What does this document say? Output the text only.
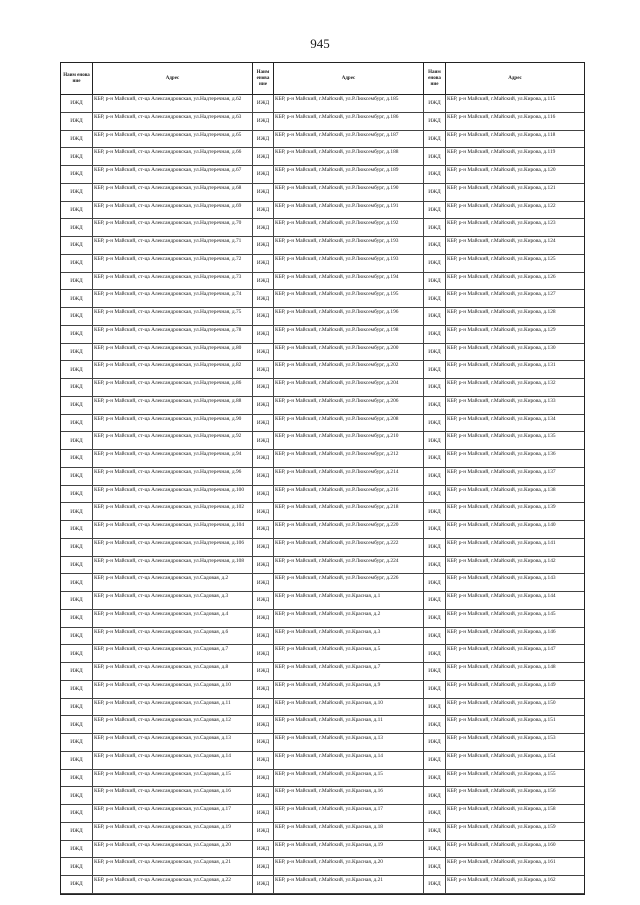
945
Наим енова ние
Адрес
Наим енова ние
Адрес
Наим енова ние
Адрес
ИЖД
КБР, р-н Майский, ст-ца Александровская, ул.Надтеречная, д.62
ИЖД
КБР, р-н Майский, г.Майский, ул.Р.Люксембург, д.185
ИЖД
КБР, р-н Майский, г.Майский, ул.Кирова, д.115
ИЖД
КБР, р-н Майский, ст-ца Александровская, ул.Надтеречная, д.63
ИЖД
КБР, р-н Майский, г.Майский, ул.Р.Люксембург, д.186
ИЖД
КБР, р-н Майский, г.Майский, ул.Кирова, д.116
ИЖД
КБР, р-н Майский, ст-ца Александровская, ул.Надтеречная, д.65
ИЖД
КБР, р-н Майский, г.Майский, ул.Р.Люксембург, д.187
ИЖД
КБР, р-н Майский, г.Майский, ул.Кирова, д.118
ИЖД
КБР, р-н Майский, ст-ца Александровская, ул.Надтеречная, д.66
ИЖД
КБР, р-н Майский, г.Майский, ул.Р.Люксембург, д.188
ИЖД
КБР, р-н Майский, г.Майский, ул.Кирова, д.119
ИЖД
КБР, р-н Майский, ст-ца Александровская, ул.Надтеречная, д.67
ИЖД
КБР, р-н Майский, г.Майский, ул.Р.Люксембург, д.189
ИЖД
КБР, р-н Майский, г.Майский, ул.Кирова, д.120
ИЖД
КБР, р-н Майский, ст-ца Александровская, ул.Надтеречная, д.68
ИЖД
КБР, р-н Майский, г.Майский, ул.Р.Люксембург, д.190
ИЖД
КБР, р-н Майский, г.Майский, ул.Кирова, д.121
ИЖД
КБР, р-н Майский, ст-ца Александровская, ул.Надтеречная, д.69
ИЖД
КБР, р-н Майский, г.Майский, ул.Р.Люксембург, д.191
ИЖД
КБР, р-н Майский, г.Майский, ул.Кирова, д.122
ИЖД
КБР, р-н Майский, ст-ца Александровская, ул.Надтеречная, д.70
ИЖД
КБР, р-н Майский, г.Майский, ул.Р.Люксембург, д.192
ИЖД
КБР, р-н Майский, г.Майский, ул.Кирова, д.123
ИЖД
КБР, р-н Майский, ст-ца Александровская, ул.Надтеречная, д.71
ИЖД
КБР, р-н Майский, г.Майский, ул.Р.Люксембург, д.193
ИЖД
КБР, р-н Майский, г.Майский, ул.Кирова, д.124
ИЖД
КБР, р-н Майский, ст-ца Александровская, ул.Надтеречная, д.72
ИЖД
КБР, р-н Майский, г.Майский, ул.Р.Люксембург, д.193
ИЖД
КБР, р-н Майский, г.Майский, ул.Кирова, д.125
ИЖД
КБР, р-н Майский, ст-ца Александровская, ул.Надтеречная, д.73
ИЖД
КБР, р-н Майский, г.Майский, ул.Р.Люксембург, д.194
ИЖД
КБР, р-н Майский, г.Майский, ул.Кирова, д.126
ИЖД
КБР, р-н Майский, ст-ца Александровская, ул.Надтеречная, д.74
ИЖД
КБР, р-н Майский, г.Майский, ул.Р.Люксембург, д.195
ИЖД
КБР, р-н Майский, г.Майский, ул.Кирова, д.127
ИЖД
КБР, р-н Майский, ст-ца Александровская, ул.Надтеречная, д.75
ИЖД
КБР, р-н Майский, г.Майский, ул.Р.Люксембург, д.196
ИЖД
КБР, р-н Майский, г.Майский, ул.Кирова, д.128
ИЖД
КБР, р-н Майский, ст-ца Александровская, ул.Надтеречная, д.78
ИЖД
КБР, р-н Майский, г.Майский, ул.Р.Люксембург, д.198
ИЖД
КБР, р-н Майский, г.Майский, ул.Кирова, д.129
ИЖД
КБР, р-н Майский, ст-ца Александровская, ул.Надтеречная, д.80
ИЖД
КБР, р-н Майский, г.Майский, ул.Р.Люксембург, д.200
ИЖД
КБР, р-н Майский, г.Майский, ул.Кирова, д.130
ИЖД
КБР, р-н Майский, ст-ца Александровская, ул.Надтеречная, д.82
ИЖД
КБР, р-н Майский, г.Майский, ул.Р.Люксембург, д.202
ИЖД
КБР, р-н Майский, г.Майский, ул.Кирова, д.131
ИЖД
КБР, р-н Майский, ст-ца Александровская, ул.Надтеречная, д.86
ИЖД
КБР, р-н Майский, г.Майский, ул.Р.Люксембург, д.204
ИЖД
КБР, р-н Майский, г.Майский, ул.Кирова, д.132
ИЖД
КБР, р-н Майский, ст-ца Александровская, ул.Надтеречная, д.88
ИЖД
КБР, р-н Майский, г.Майский, ул.Р.Люксембург, д.206
ИЖД
КБР, р-н Майский, г.Майский, ул.Кирова, д.133
ИЖД
КБР, р-н Майский, ст-ца Александровская, ул.Надтеречная, д.90
ИЖД
КБР, р-н Майский, г.Майский, ул.Р.Люксембург, д.208
ИЖД
КБР, р-н Майский, г.Майский, ул.Кирова, д.134
ИЖД
КБР, р-н Майский, ст-ца Александровская, ул.Надтеречная, д.92
ИЖД
КБР, р-н Майский, г.Майский, ул.Р.Люксембург, д.210
ИЖД
КБР, р-н Майский, г.Майский, ул.Кирова, д.135
ИЖД
КБР, р-н Майский, ст-ца Александровская, ул.Надтеречная, д.94
ИЖД
КБР, р-н Майский, г.Майский, ул.Р.Люксембург, д.212
ИЖД
КБР, р-н Майский, г.Майский, ул.Кирова, д.136
ИЖД
КБР, р-н Майский, ст-ца Александровская, ул.Надтеречная, д.96
ИЖД
КБР, р-н Майский, г.Майский, ул.Р.Люксембург, д.214
ИЖД
КБР, р-н Майский, г.Майский, ул.Кирова, д.137
ИЖД
КБР, р-н Майский, ст-ца Александровская, ул.Надтеречная, д.100
ИЖД
КБР, р-н Майский, г.Майский, ул.Р.Люксембург, д.216
ИЖД
КБР, р-н Майский, г.Майский, ул.Кирова, д.138
ИЖД
КБР, р-н Майский, ст-ца Александровская, ул.Надтеречная, д.102
ИЖД
КБР, р-н Майский, г.Майский, ул.Р.Люксембург, д.218
ИЖД
КБР, р-н Майский, г.Майский, ул.Кирова, д.139
ИЖД
КБР, р-н Майский, ст-ца Александровская, ул.Надтеречная, д.104
ИЖД
КБР, р-н Майский, г.Майский, ул.Р.Люксембург, д.220
ИЖД
КБР, р-н Майский, г.Майский, ул.Кирова, д.140
ИЖД
КБР, р-н Майский, ст-ца Александровская, ул.Надтеречная, д.106
ИЖД
КБР, р-н Майский, г.Майский, ул.Р.Люксембург, д.222
ИЖД
КБР, р-н Майский, г.Майский, ул.Кирова, д.141
ИЖД
КБР, р-н Майский, ст-ца Александровская, ул.Надтеречная, д.108
ИЖД
КБР, р-н Майский, г.Майский, ул.Р.Люксембург, д.224
ИЖД
КБР, р-н Майский, г.Майский, ул.Кирова, д.142
ИЖД
КБР, р-н Майский, ст-ца Александровская, ул.Садовая, д.2
ИЖД
КБР, р-н Майский, г.Майский, ул.Р.Люксембург, д.226
ИЖД
КБР, р-н Майский, г.Майский, ул.Кирова, д.143
ИЖД
КБР, р-н Майский, ст-ца Александровская, ул.Садовая, д.3
ИЖД
КБР, р-н Майский, г.Майский, ул.Красная, д.1
ИЖД
КБР, р-н Майский, г.Майский, ул.Кирова, д.144
ИЖД
КБР, р-н Майский, ст-ца Александровская, ул.Садовая, д.4
ИЖД
КБР, р-н Майский, г.Майский, ул.Красная, д.2
ИЖД
КБР, р-н Майский, г.Майский, ул.Кирова, д.145
ИЖД
КБР, р-н Майский, ст-ца Александровская, ул.Садовая, д.6
ИЖД
КБР, р-н Майский, г.Майский, ул.Красная, д.3
ИЖД
КБР, р-н Майский, г.Майский, ул.Кирова, д.146
ИЖД
КБР, р-н Майский, ст-ца Александровская, ул.Садовая, д.7
ИЖД
КБР, р-н Майский, г.Майский, ул.Красная, д.5
ИЖД
КБР, р-н Майский, г.Майский, ул.Кирова, д.147
ИЖД
КБР, р-н Майский, ст-ца Александровская, ул.Садовая, д.8
ИЖД
КБР, р-н Майский, г.Майский, ул.Красная, д.7
ИЖД
КБР, р-н Майский, г.Майский, ул.Кирова, д.148
ИЖД
КБР, р-н Майский, ст-ца Александровская, ул.Садовая, д.10
ИЖД
КБР, р-н Майский, г.Майский, ул.Красная, д.9
ИЖД
КБР, р-н Майский, г.Майский, ул.Кирова, д.149
ИЖД
КБР, р-н Майский, ст-ца Александровская, ул.Садовая, д.11
ИЖД
КБР, р-н Майский, г.Майский, ул.Красная, д.10
ИЖД
КБР, р-н Майский, г.Майский, ул.Кирова, д.150
ИЖД
КБР, р-н Майский, ст-ца Александровская, ул.Садовая, д.12
ИЖД
КБР, р-н Майский, г.Майский, ул.Красная, д.11
ИЖД
КБР, р-н Майский, г.Майский, ул.Кирова, д.151
ИЖД
КБР, р-н Майский, ст-ца Александровская, ул.Садовая, д.13
ИЖД
КБР, р-н Майский, г.Майский, ул.Красная, д.13
ИЖД
КБР, р-н Майский, г.Майский, ул.Кирова, д.153
ИЖД
КБР, р-н Майский, ст-ца Александровская, ул.Садовая, д.14
ИЖД
КБР, р-н Майский, г.Майский, ул.Красная, д.14
ИЖД
КБР, р-н Майский, г.Майский, ул.Кирова, д.154
ИЖД
КБР, р-н Майский, ст-ца Александровская, ул.Садовая, д.15
ИЖД
КБР, р-н Майский, г.Майский, ул.Красная, д.15
ИЖД
КБР, р-н Майский, г.Майский, ул.Кирова, д.155
ИЖД
КБР, р-н Майский, ст-ца Александровская, ул.Садовая, д.16
ИЖД
КБР, р-н Майский, г.Майский, ул.Красная, д.16
ИЖД
КБР, р-н Майский, г.Майский, ул.Кирова, д.156
ИЖД
КБР, р-н Майский, ст-ца Александровская, ул.Садовая, д.17
ИЖД
КБР, р-н Майский, г.Майский, ул.Красная, д.17
ИЖД
КБР, р-н Майский, г.Майский, ул.Кирова, д.158
ИЖД
КБР, р-н Майский, ст-ца Александровская, ул.Садовая, д.19
ИЖД
КБР, р-н Майский, г.Майский, ул.Красная, д.18
ИЖД
КБР, р-н Майский, г.Майский, ул.Кирова, д.159
ИЖД
КБР, р-н Майский, ст-ца Александровская, ул.Садовая, д.20
ИЖД
КБР, р-н Майский, г.Майский, ул.Красная, д.19
ИЖД
КБР, р-н Майский, г.Майский, ул.Кирова, д.160
ИЖД
КБР, р-н Майский, ст-ца Александровская, ул.Садовая, д.21
ИЖД
КБР, р-н Майский, г.Майский, ул.Красная, д.20
ИЖД
КБР, р-н Майский, г.Майский, ул.Кирова, д.161
ИЖД
КБР, р-н Майский, ст-ца Александровская, ул.Садовая, д.22
ИЖД
КБР, р-н Майский, г.Майский, ул.Красная, д.21
ИЖД
КБР, р-н Майский, г.Майский, ул.Кирова, д.162
